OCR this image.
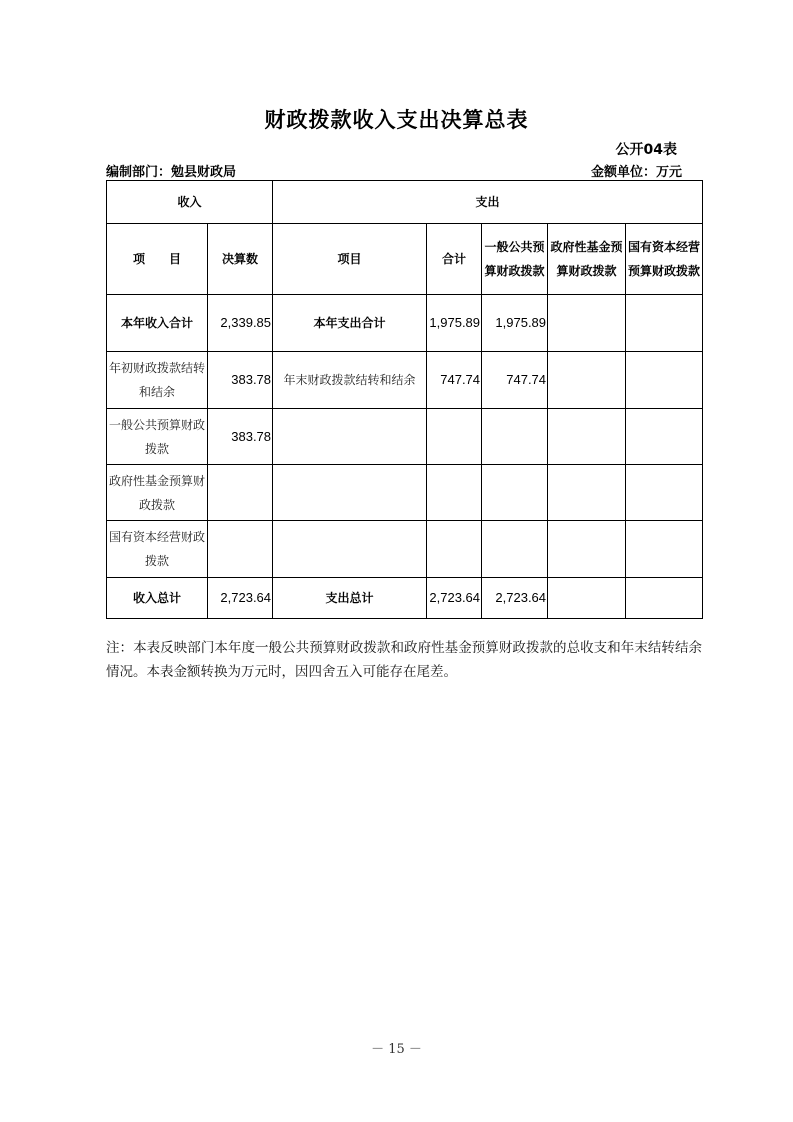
财政拨款收入支出决算总表
公开04表
编制部门：勉县财政局	金额单位：万元
收入		支出				
项　　目	决算数	项目	合计	一般公共预算财政拨款	政府性基金预算财政拨款	国有资本经营预算财政拨款
本年收入合计	2,339.85	本年支出合计	1,975.89	1,975.89		
年初财政拨款结转和结余	383.78	年末财政拨款结转和结余	747.74	747.74		
一般公共预算财政拨款	383.78					
政府性基金预算财政拨款						
国有资本经营财政拨款						
收入总计	2,723.64	支出总计	2,723.64	2,723.64		
注：本表反映部门本年度一般公共预算财政拨款和政府性基金预算财政拨款的总收支和年末结转结余情况。本表金额转换为万元时，因四舍五入可能存在尾差。
－ 15 －
